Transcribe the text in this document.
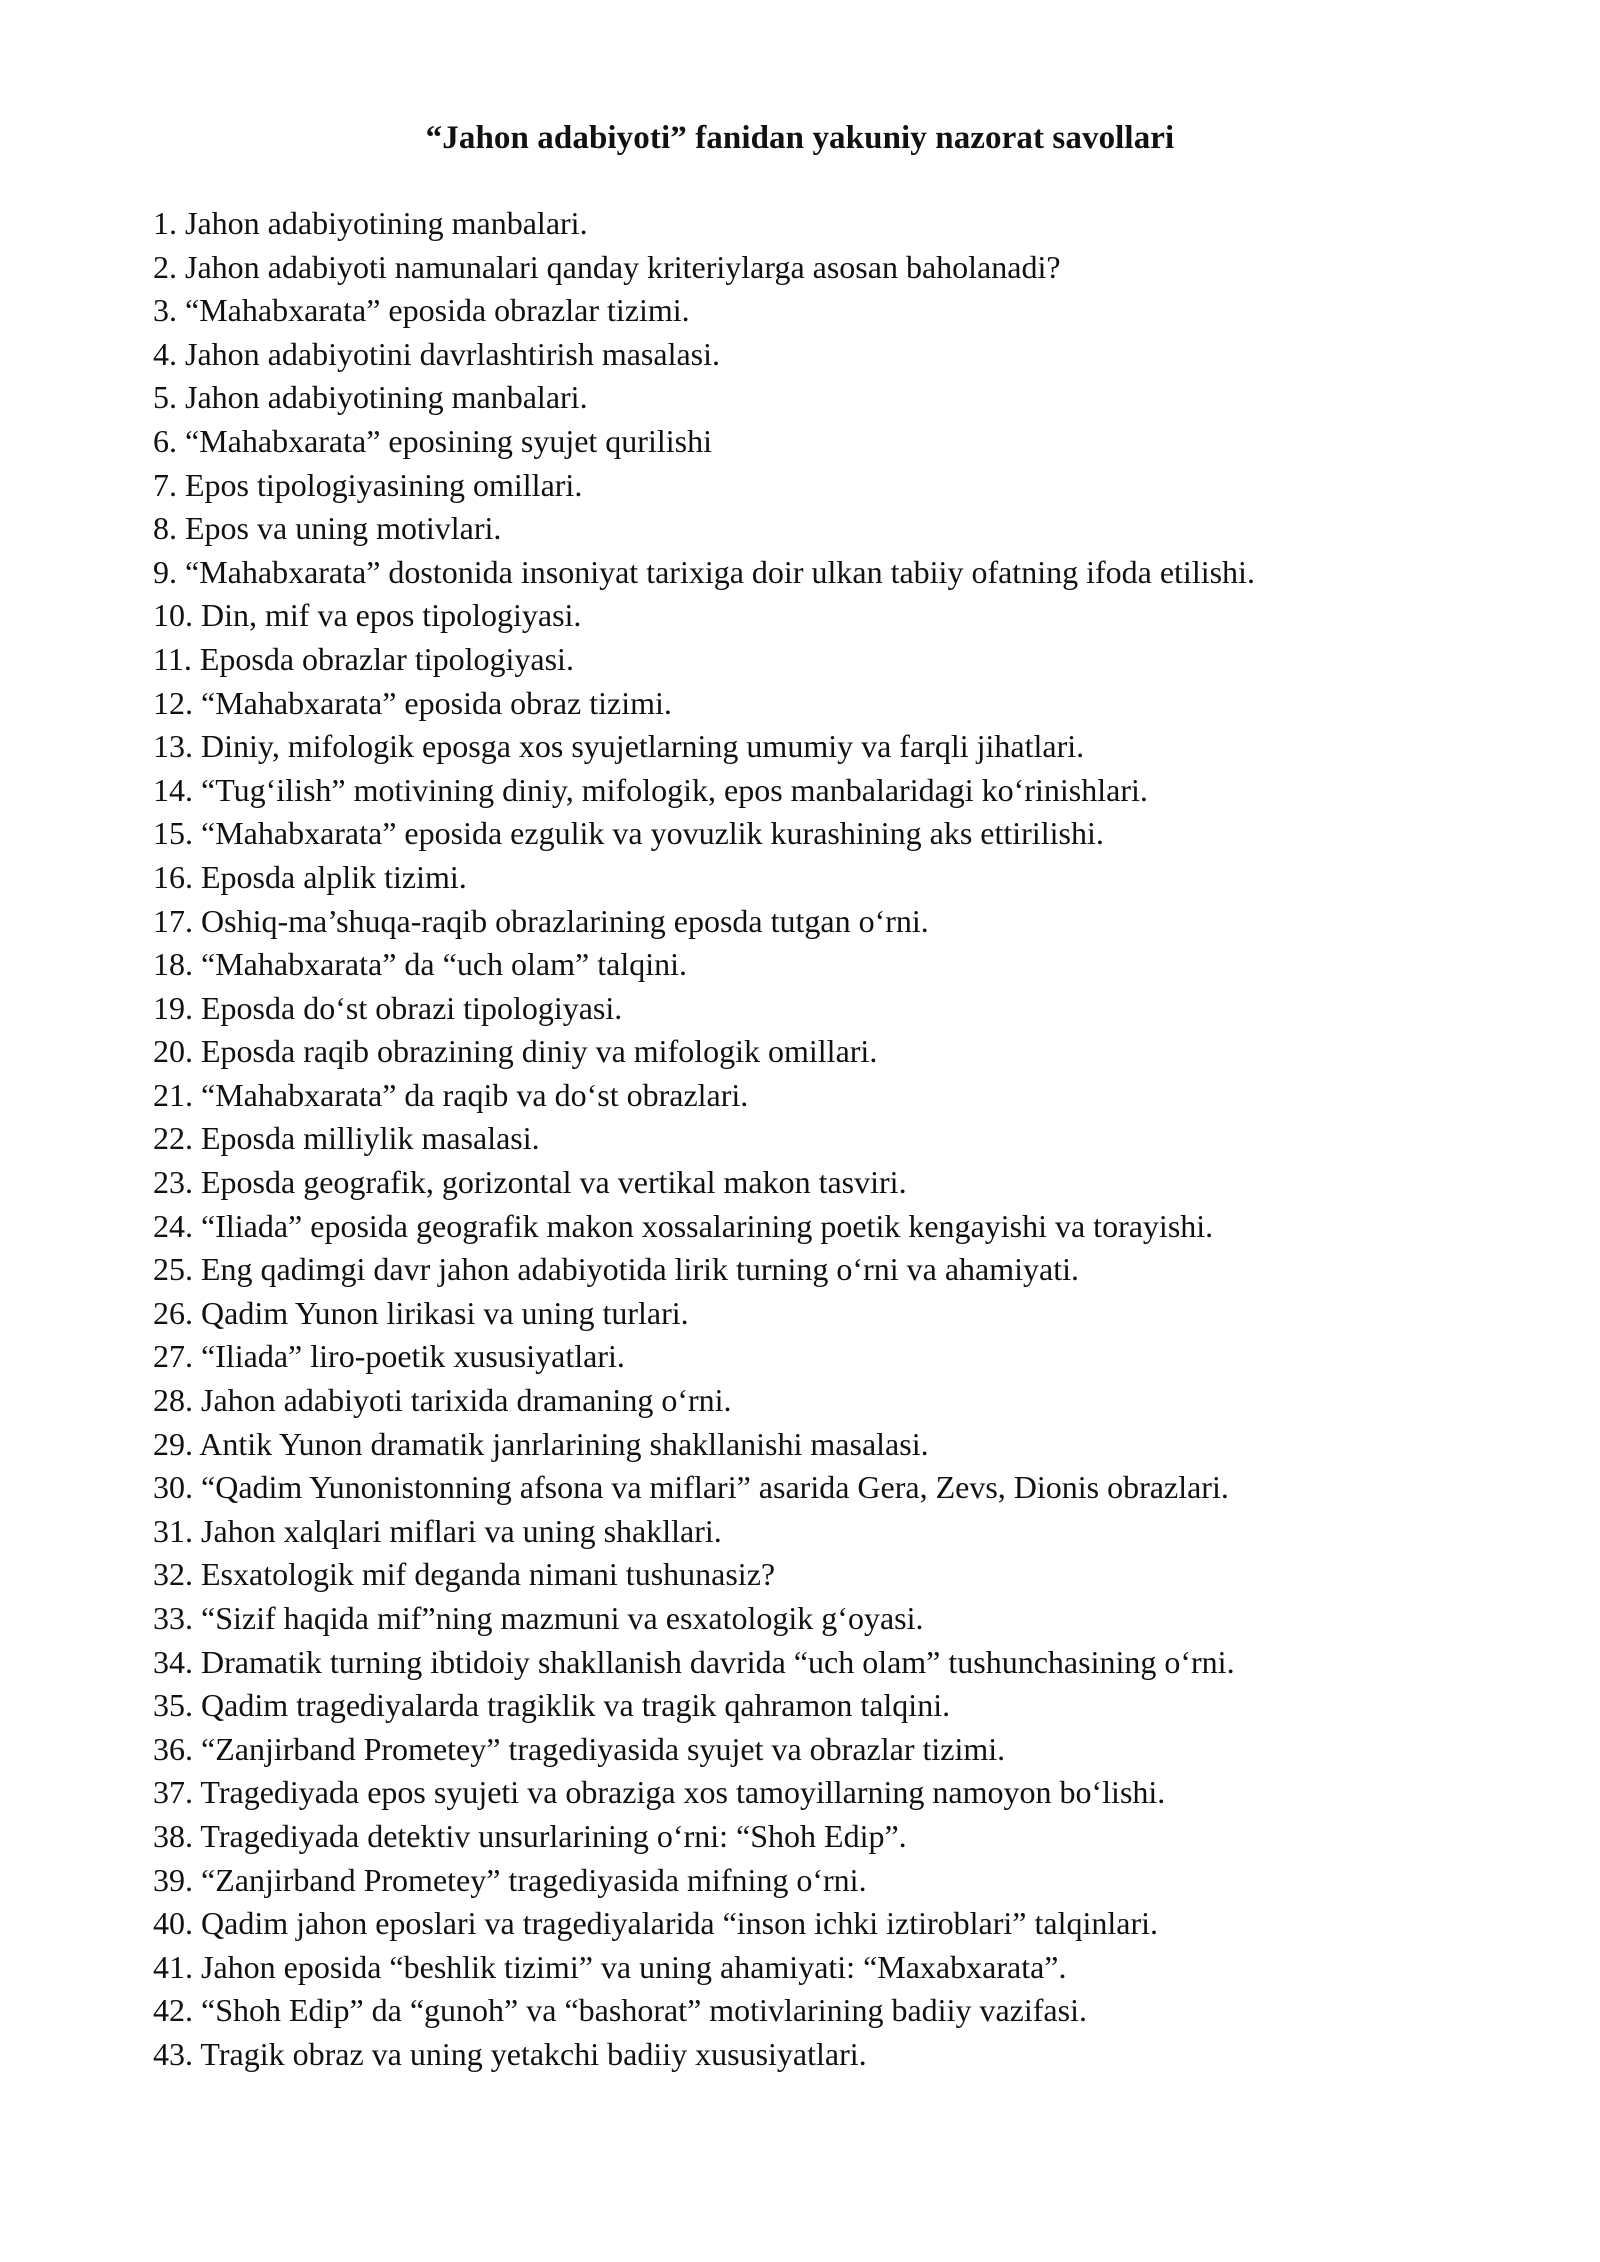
“Jahon adabiyoti” fanidan yakuniy nazorat savollari
1. Jahon adabiyotining manbalari.
2. Jahon adabiyoti namunalari qanday kriteriylarga asosan baholanadi?
3. “Mahabxarata” eposida obrazlar tizimi.
4. Jahon adabiyotini davrlashtirish masalasi.
5. Jahon adabiyotining manbalari.
6. “Mahabxarata” eposining syujet qurilishi
7. Epos tipologiyasining omillari.
8. Epos va uning motivlari.
9. “Mahabxarata” dostonida insoniyat tarixiga doir ulkan tabiiy ofatning ifoda etilishi.
10. Din, mif va epos tipologiyasi.
11. Eposda obrazlar tipologiyasi.
12. “Mahabxarata” eposida obraz tizimi.
13. Diniy, mifologik eposga xos syujetlarning umumiy va farqli jihatlari.
14. “Tug‘ilish” motivining diniy, mifologik, epos manbalaridagi ko‘rinishlari.
15. “Mahabxarata” eposida ezgulik va yovuzlik kurashining aks ettirilishi.
16. Eposda alplik tizimi.
17. Oshiq-ma’shuqa-raqib obrazlarining eposda tutgan o‘rni.
18. “Mahabxarata” da “uch olam” talqini.
19. Eposda do‘st obrazi tipologiyasi.
20. Eposda raqib obrazining diniy va mifologik omillari.
21. “Mahabxarata” da raqib va do‘st obrazlari.
22. Eposda milliylik masalasi.
23. Eposda geografik, gorizontal va vertikal makon tasviri.
24. “Iliada” eposida geografik makon xossalarining poetik kengayishi va torayishi.
25. Eng qadimgi davr jahon adabiyotida lirik turning o‘rni va ahamiyati.
26. Qadim Yunon lirikasi va uning turlari.
27. “Iliada” liro-poetik xususiyatlari.
28. Jahon adabiyoti tarixida dramaning o‘rni.
29. Antik Yunon dramatik janrlarining shakllanishi masalasi.
30. “Qadim Yunonistonning afsona va miflari” asarida Gera, Zevs, Dionis obrazlari.
31. Jahon xalqlari miflari va uning shakllari.
32. Esxatologik mif deganda nimani tushunasiz?
33. “Sizif haqida mif”ning mazmuni va esxatologik g‘oyasi.
34. Dramatik turning ibtidoiy shakllanish davrida “uch olam” tushunchasining o‘rni.
35. Qadim tragediyalarda tragiklik va tragik qahramon talqini.
36. “Zanjirband Prometey” tragediyasida syujet va obrazlar tizimi.
37. Tragediyada epos syujeti va obraziga xos tamoyillarning namoyon bo‘lishi.
38. Tragediyada detektiv unsurlarining o‘rni: “Shoh Edip”.
39. “Zanjirband Prometey” tragediyasida mifning o‘rni.
40. Qadim jahon eposlari va tragediyalarida “inson ichki iztiroblari” talqinlari.
41. Jahon eposida “beshlik tizimi” va uning ahamiyati: “Maxabxarata”.
42. “Shoh Edip” da “gunoh” va “bashorat” motivlarining badiiy vazifasi.
43. Tragik obraz va uning yetakchi badiiy xususiyatlari.
